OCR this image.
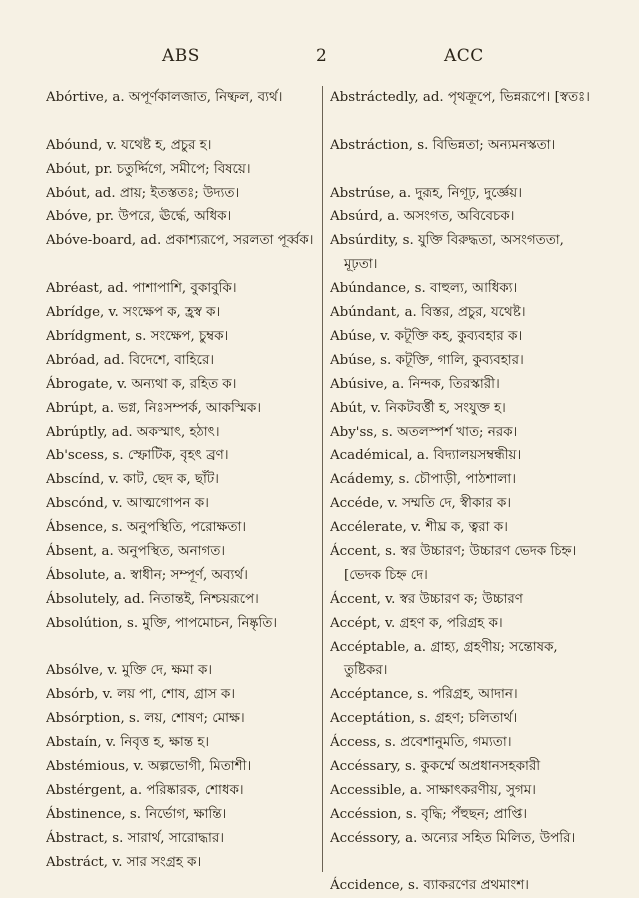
ABS	2	ACC
Abórtive, a. অপূর্ণকালজাত, নিষ্ফল, ব্যর্থ।
Abóund, v. যথেষ্ট হ, প্রচুর হ।
Abóut, pr. চতুর্দ্দিগে, সমীপে; বিষয়ে।
Abóut, ad. প্রায়; ইতস্ততঃ; উদ্যত।
Abóve, pr. উপরে, ঊর্দ্ধে, অধিক।
Abóve-board, ad. প্রকাশ্যরূপে, সরলতা পূর্ব্বক।
Abréast, ad. পাশাপাশি, বুকাবুকি।
Abrídge, v. সংক্ষেপ ক, হ্রস্ব ক।
Abrídgment, s. সংক্ষেপ, চুম্বক।
Abróad, ad. বিদেশে, বাহিরে।
Ábrogate, v. অন্যথা ক, রহিত ক।
Abrúpt, a. ভগ্ন, নিঃসম্পর্ক, আকস্মিক।
Abrúptly, ad. অকস্মাৎ, হঠাৎ।
Ab'scess, s. স্ফোটিক, বৃহৎ ব্রণ।
Abscínd, v. কাট, ছেদ ক, ছাঁট।
Abscónd, v. আত্মগোপন ক।
Ábsence, s. অনুপস্থিতি, পরোক্ষতা।
Ábsent, a. অনুপস্থিত, অনাগত।
Ábsolute, a. স্বাধীন; সম্পূর্ণ, অব্যর্থ।
Ábsolutely, ad. নিতান্তই, নিশ্চয়রূপে।
Absolútion, s. মুক্তি, পাপমোচন, নিষ্কৃতি।
Absólve, v. মুক্তি দে, ক্ষমা ক।
Absórb, v. লয় পা, শোষ, গ্রাস ক।
Absórption, s. লয়, শোষণ; মোক্ষ।
Abstaín, v. নিবৃত্ত হ, ক্ষান্ত হ।
Abstémious, v. অল্পভোগী, মিতাশী।
Abstérgent, a. পরিষ্কারক, শোধক।
Ábstinence, s. নির্ভোগ, ক্ষান্তি।
Ábstract, s. সারার্থ, সারোদ্ধার।
Abstráct, v. সার সংগ্রহ ক।
Abstráctedly, ad. পৃথক্রূপে, ভিন্নরূপে। [স্বতঃ।
Abstráction, s. বিভিন্নতা; অন্যমনস্কতা।
Abstrúse, a. দুরূহ, নিগূঢ়, দুর্জ্ঞেয়।
Absúrd, a. অসংগত, অবিবেচক।
Absúrdity, s. যুক্তি বিরুদ্ধতা, অসংগততা, মূঢ়তা।
Abúndance, s. বাহুল্য, আধিক্য।
Abúndant, a. বিস্তর, প্রচুর, যথেষ্ট।
Abúse, v. কটূক্তি কহ, কুব্যবহার ক।
Abúse, s. কটূক্তি, গালি, কুব্যবহার।
Abúsive, a. নিন্দক, তিরস্কারী।
Abút, v. নিকটবর্ত্তী হ, সংযুক্ত হ।
Aby'ss, s. অতলস্পর্শ খাত; নরক।
Académical, a. বিদ্যালয়সম্বন্ধীয়।
Acádemy, s. চৌপাড়ী, পাঠশালা।
Accéde, v. সম্মতি দে, স্বীকার ক।
Accélerate, v. শীঘ্র ক, ত্বরা ক।
Áccent, s. স্বর উচ্চারণ; উচ্চারণ ভেদক চিহ্ন। [ভেদক চিহ্ন দে।
Áccent, v. স্বর উচ্চারণ ক; উচ্চারণ
Accépt, v. গ্রহণ ক, পরিগ্রহ ক।
Accéptable, a. গ্রাহ্য, গ্রহণীয়; সন্তোষক, তুষ্টিকর।
Accéptance, s. পরিগ্রহ, আদান।
Acceptátion, s. গ্রহণ; চলিতার্থ।
Áccess, s. প্রবেশানুমতি, গম্যতা।
Accéssary, s. কুকর্ম্মে অপ্রধানসহকারী
Accessible, a. সাক্ষাৎকরণীয়, সুগম।
Accéssion, s. বৃদ্ধি; পঁহুছন; প্রাপ্তি।
Accéssory, a. অন্যের সহিত মিলিত, উপরি।
Áccidence, s. ব্যাকরণের প্রথমাংশ।
